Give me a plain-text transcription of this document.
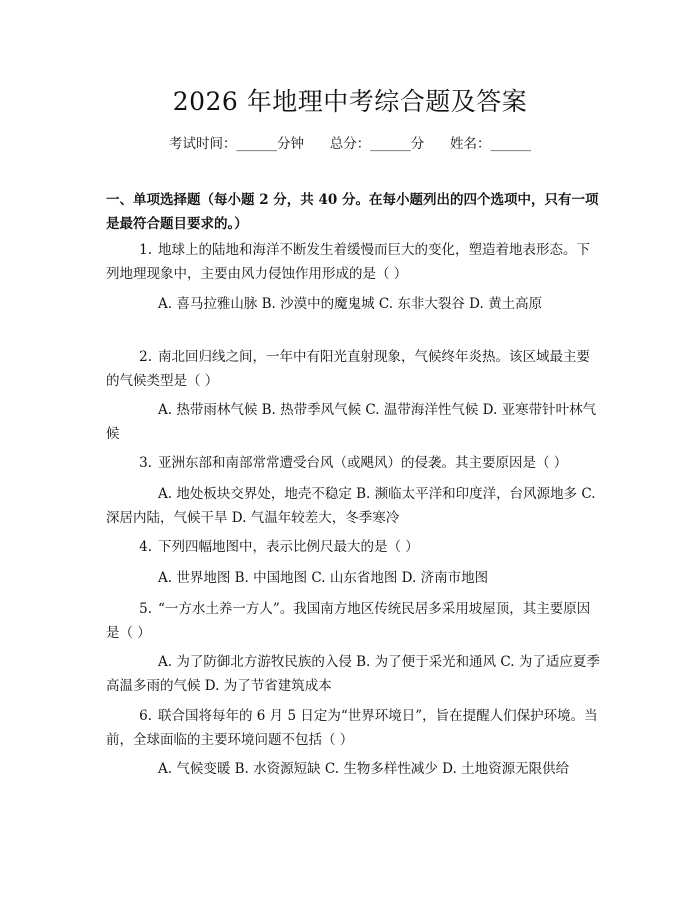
2026 年地理中考综合题及答案
考试时间：______分钟      总分：______分      姓名：______
一、单项选择题（每小题 2 分，共 40 分。在每小题列出的四个选项中，只有一项是最符合题目要求的。）
1. 地球上的陆地和海洋不断发生着缓慢而巨大的变化，塑造着地表形态。下列地理现象中，主要由风力侵蚀作用形成的是（ ）
A. 喜马拉雅山脉 B. 沙漠中的魔鬼城 C. 东非大裂谷 D. 黄土高原
2. 南北回归线之间，一年中有阳光直射现象，气候终年炎热。该区域最主要的气候类型是（ ）
A. 热带雨林气候 B. 热带季风气候 C. 温带海洋性气候 D. 亚寒带针叶林气候
3. 亚洲东部和南部常常遭受台风（或飓风）的侵袭。其主要原因是（ ）
A. 地处板块交界处，地壳不稳定 B. 濒临太平洋和印度洋，台风源地多 C. 深居内陆，气候干旱 D. 气温年较差大，冬季寒冷
4. 下列四幅地图中，表示比例尺最大的是（ ）
A. 世界地图 B. 中国地图 C. 山东省地图 D. 济南市地图
5. “一方水土养一方人”。我国南方地区传统民居多采用坡屋顶，其主要原因是（ ）
A. 为了防御北方游牧民族的入侵 B. 为了便于采光和通风 C. 为了适应夏季高温多雨的气候 D. 为了节省建筑成本
6. 联合国将每年的 6 月 5 日定为“世界环境日”，旨在提醒人们保护环境。当前，全球面临的主要环境问题不包括（ ）
A. 气候变暖 B. 水资源短缺 C. 生物多样性减少 D. 土地资源无限供给
